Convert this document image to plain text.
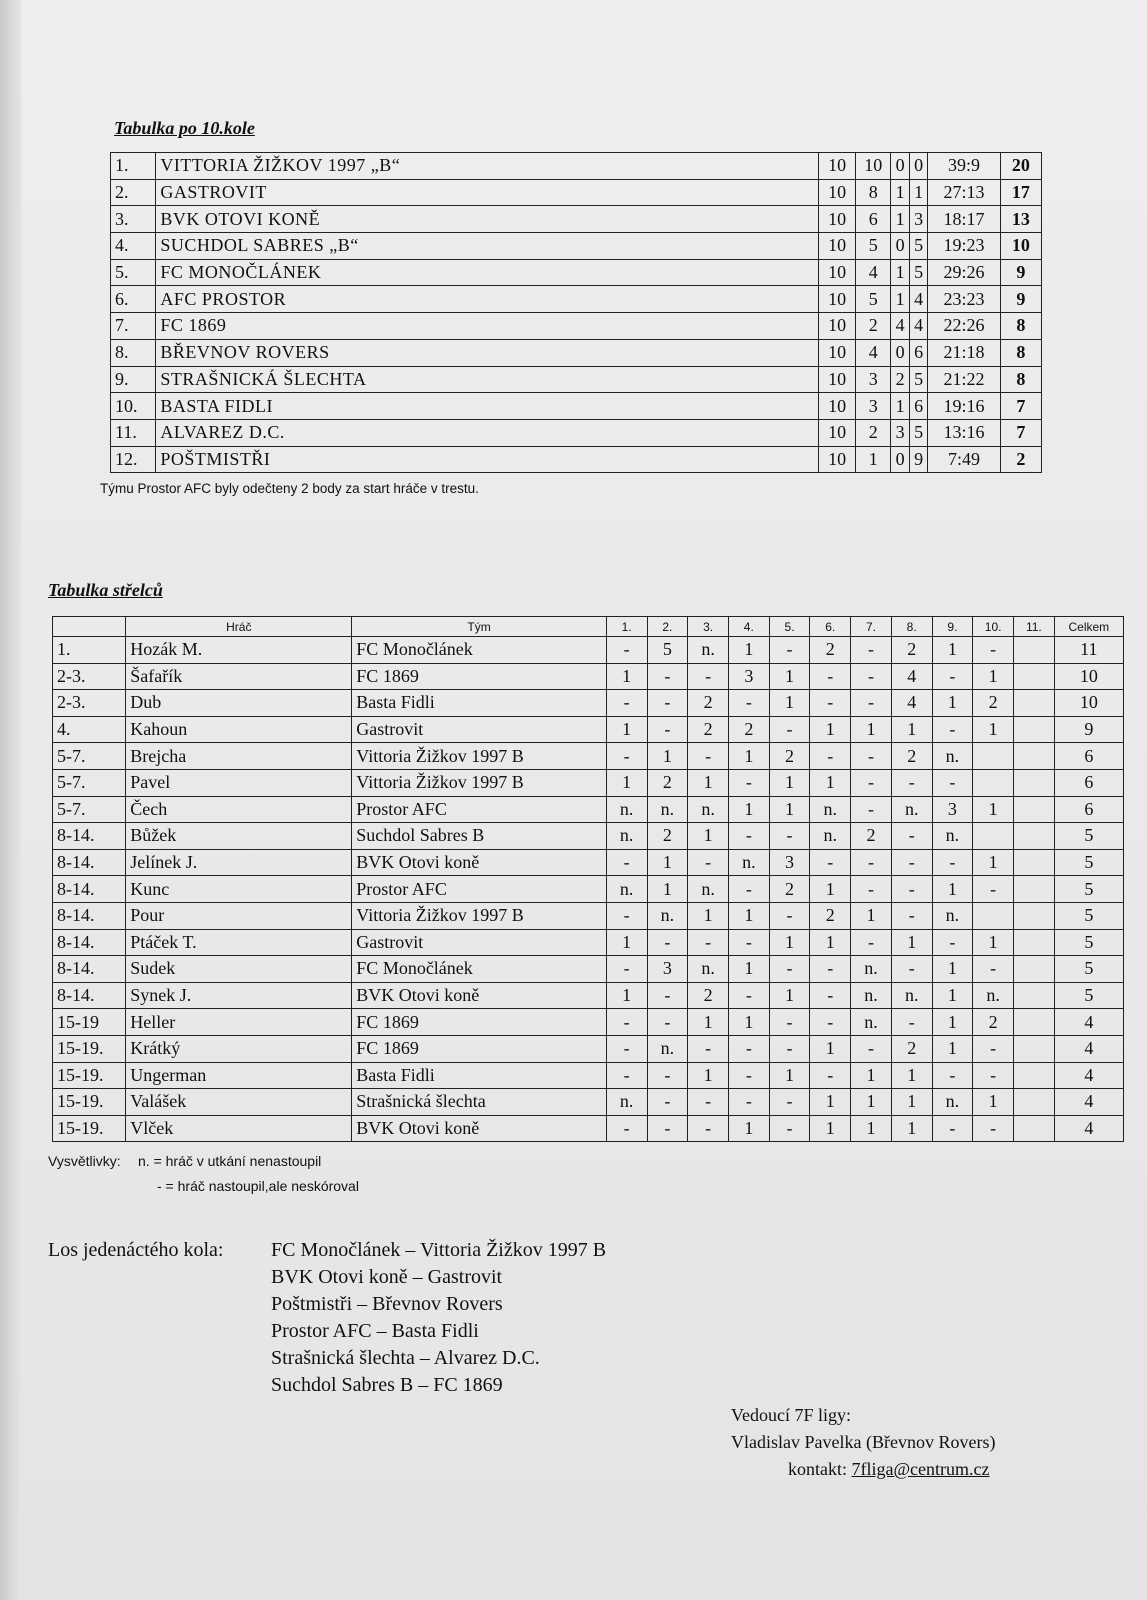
Tabulka po 10.kole
1.	VITTORIA ŽIŽKOV 1997 „B“	10	10	0	0	39:9	20
2.	GASTROVIT	10	8	1	1	27:13	17
3.	BVK OTOVI KONĚ	10	6	1	3	18:17	13
4.	SUCHDOL SABRES „B“	10	5	0	5	19:23	10
5.	FC MONOČLÁNEK	10	4	1	5	29:26	9
6.	AFC PROSTOR	10	5	1	4	23:23	9
7.	FC 1869	10	2	4	4	22:26	8
8.	BŘEVNOV ROVERS	10	4	0	6	21:18	8
9.	STRAŠNICKÁ ŠLECHTA	10	3	2	5	21:22	8
10.	BASTA FIDLI	10	3	1	6	19:16	7
11.	ALVAREZ D.C.	10	2	3	5	13:16	7
12.	POŠTMISTŘI	10	1	0	9	7:49	2
Týmu Prostor AFC byly odečteny 2 body za start hráče v trestu.
Tabulka střelců
	Hráč	Tým	1.	2.	3.	4.	5.	6.	7.	8.	9.	10.	11.	Celkem
1.	Hozák M.	FC Monočlánek	-	5	n.	1	-	2	-	2	1	-		11
2-3.	Šafařík	FC 1869	1	-	-	3	1	-	-	4	-	1		10
2-3.	Dub	Basta Fidli	-	-	2	-	1	-	-	4	1	2		10
4.	Kahoun	Gastrovit	1	-	2	2	-	1	1	1	-	1		9
5-7.	Brejcha	Vittoria Žižkov 1997 B	-	1	-	1	2	-	-	2	n.			6
5-7.	Pavel	Vittoria Žižkov 1997 B	1	2	1	-	1	1	-	-	-			6
5-7.	Čech	Prostor AFC	n.	n.	n.	1	1	n.	-	n.	3	1		6
8-14.	Bůžek	Suchdol Sabres B	n.	2	1	-	-	n.	2	-	n.			5
8-14.	Jelínek J.	BVK Otovi koně	-	1	-	n.	3	-	-	-	-	1		5
8-14.	Kunc	Prostor AFC	n.	1	n.	-	2	1	-	-	1	-		5
8-14.	Pour	Vittoria Žižkov 1997 B	-	n.	1	1	-	2	1	-	n.			5
8-14.	Ptáček T.	Gastrovit	1	-	-	-	1	1	-	1	-	1		5
8-14.	Sudek	FC Monočlánek	-	3	n.	1	-	-	n.	-	1	-		5
8-14.	Synek J.	BVK Otovi koně	1	-	2	-	1	-	n.	n.	1	n.		5
15-19	Heller	FC 1869	-	-	1	1	-	-	n.	-	1	2		4
15-19.	Krátký	FC 1869	-	n.	-	-	-	1	-	2	1	-		4
15-19.	Ungerman	Basta Fidli	-	-	1	-	1	-	1	1	-	-		4
15-19.	Valášek	Strašnická šlechta	n.	-	-	-	-	1	1	1	n.	1		4
15-19.	Vlček	BVK Otovi koně	-	-	-	1	-	1	1	1	-	-		4
Vysvětlivky: n. = hráč v utkání nenastoupil
- = hráč nastoupil,ale neskóroval
Los jedenáctého kola: FC Monočlánek – Vittoria Žižkov 1997 B
BVK Otovi koně – Gastrovit
Poštmistři – Břevnov Rovers
Prostor AFC – Basta Fidli
Strašnická šlechta – Alvarez D.C.
Suchdol Sabres B – FC 1869
Vedoucí 7F ligy:
Vladislav Pavelka (Břevnov Rovers)
kontakt: 7fliga@centrum.cz
